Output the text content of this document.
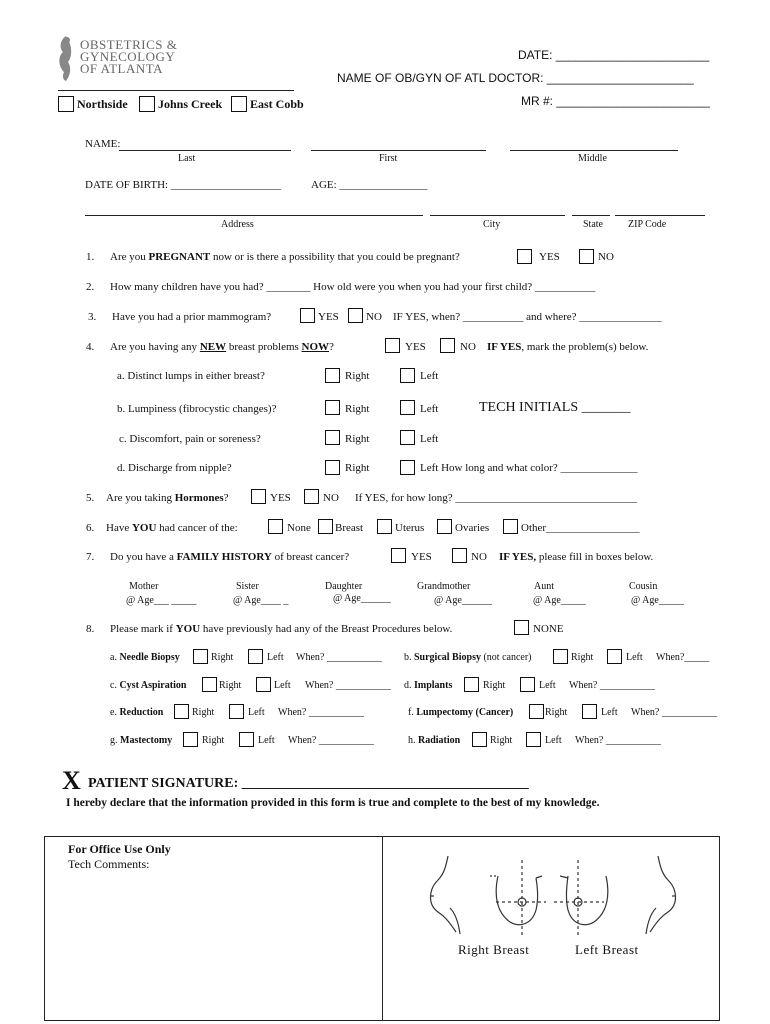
OBSTETRICS &
GYNECOLOGY
OF ATLANTA
DATE: _______________________
NAME OF OB/GYN OF ATL DOCTOR: ______________________
MR #: _______________________
Northside	Johns Creek East Cobb
NAME:
Last	First	Middle
DATE OF BIRTH: ____________________	AGE: ________________
Address	City	State	ZIP Code
1. Are you PREGNANT now or is there a possibility that you could be pregnant?	YES	NO
2. How many children have you had? ________ How old were you when you had your first child? ___________
3. Have you had a prior mammogram?	YES NO IF YES, when? ___________ and where? _______________
4. Are you having any NEW breast problems NOW?	YES	NO IF YES, mark the problem(s) below.
a. Distinct lumps in either breast?	Right	Left
b. Lumpiness (fibrocystic changes)?	Right	Left	TECH INITIALS _______
c. Discomfort, pain or soreness?	Right	Left
d. Discharge from nipple?	Right	Left How long and what color? ______________
5. Are you taking Hormones?	YES	NO If YES, for how long? _________________________________
6. Have YOU had cancer of the:	None Breast	Uterus	Ovaries	Other_________________
7. Do you have a FAMILY HISTORY of breast cancer?	YES	NO IF YES, please fill in boxes below.
Mother
@ Age___ _____
Sister
@ Age____ _
Daughter
@ Age______
Grandmother
@ Age______
Aunt
@ Age_____
Cousin
@ Age_____
8. Please mark if YOU have previously had any of the Breast Procedures below.	NONE
a. Needle Biopsy	Right	Left When? ___________
c. Cyst Aspiration	Right	Left When? ___________
e. Reduction	Right	Left When? ___________
g. Mastectomy	Right	Left When? ___________
b. Surgical Biopsy (not cancer)	Right	Left When?_____
d. Implants	Right	Left When? ___________
f. Lumpectomy (Cancer)	Right	Left When? ___________
h. Radiation	Right	Left When? ___________
X PATIENT SIGNATURE: _________________________________________
I hereby declare that the information provided in this form is true and complete to the best of my knowledge.
For Office Use Only
Tech Comments:
Right Breast	Left Breast
